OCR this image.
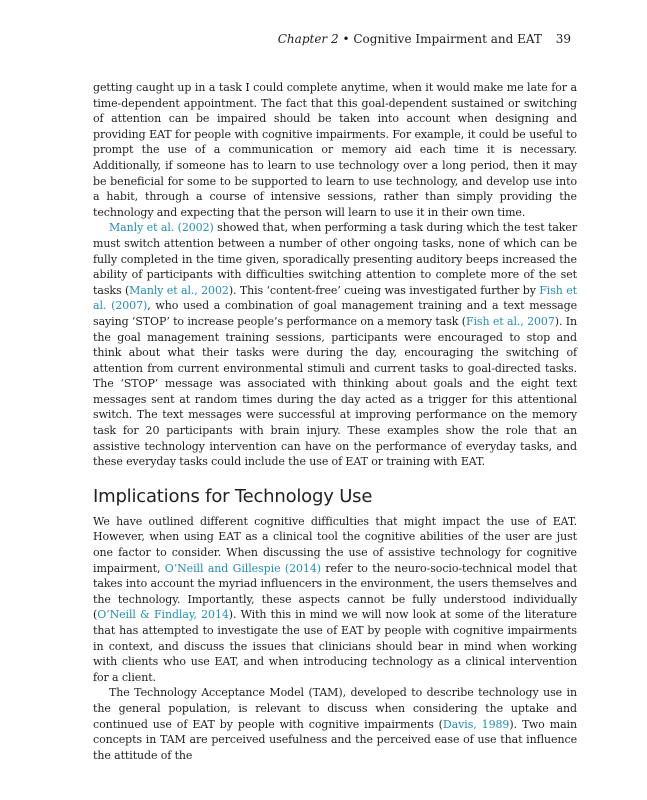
Chapter 2 • Cognitive Impairment and EAT 39

getting caught up in a task I could complete anytime, when it would make me late for a time-dependent appointment. The fact that this goal-dependent sustained or switching of attention can be impaired should be taken into account when designing and providing EAT for people with cognitive impairments. For example, it could be useful to prompt the use of a communication or memory aid each time it is necessary. Additionally, if someone has to learn to use technology over a long period, then it may be beneficial for some to be supported to learn to use technology, and develop use into a habit, through a course of intensive sessions, rather than simply providing the technology and expecting that the person will learn to use it in their own time.

Manly et al. (2002) showed that, when performing a task during which the test taker must switch attention between a number of other ongoing tasks, none of which can be fully completed in the time given, sporadically presenting auditory beeps increased the ability of participants with difficulties switching attention to complete more of the set tasks (Manly et al., 2002). This ‘content-free’ cueing was investigated further by Fish et al. (2007), who used a combination of goal management training and a text message saying ‘STOP’ to increase people’s performance on a memory task (Fish et al., 2007). In the goal management training sessions, participants were encouraged to stop and think about what their tasks were during the day, encouraging the switching of attention from current environmental stimuli and current tasks to goal-directed tasks. The ‘STOP’ message was associated with thinking about goals and the eight text messages sent at random times during the day acted as a trigger for this attentional switch. The text messages were successful at improving performance on the memory task for 20 participants with brain injury. These examples show the role that an assistive technology intervention can have on the performance of everyday tasks, and these everyday tasks could include the use of EAT or training with EAT.

Implications for Technology Use

We have outlined different cognitive difficulties that might impact the use of EAT. However, when using EAT as a clinical tool the cognitive abilities of the user are just one factor to consider. When discussing the use of assistive technology for cognitive impairment, O’Neill and Gillespie (2014) refer to the neuro-socio-technical model that takes into account the myriad influencers in the environment, the users themselves and the technology. Importantly, these aspects cannot be fully understood individually (O’Neill & Findlay, 2014). With this in mind we will now look at some of the literature that has attempted to investigate the use of EAT by people with cognitive impairments in context, and discuss the issues that clinicians should bear in mind when working with clients who use EAT, and when introducing technology as a clinical intervention for a client.

The Technology Acceptance Model (TAM), developed to describe technology use in the general population, is relevant to discuss when considering the uptake and continued use of EAT by people with cognitive impairments (Davis, 1989). Two main concepts in TAM are perceived usefulness and the perceived ease of use that influence the attitude of the
